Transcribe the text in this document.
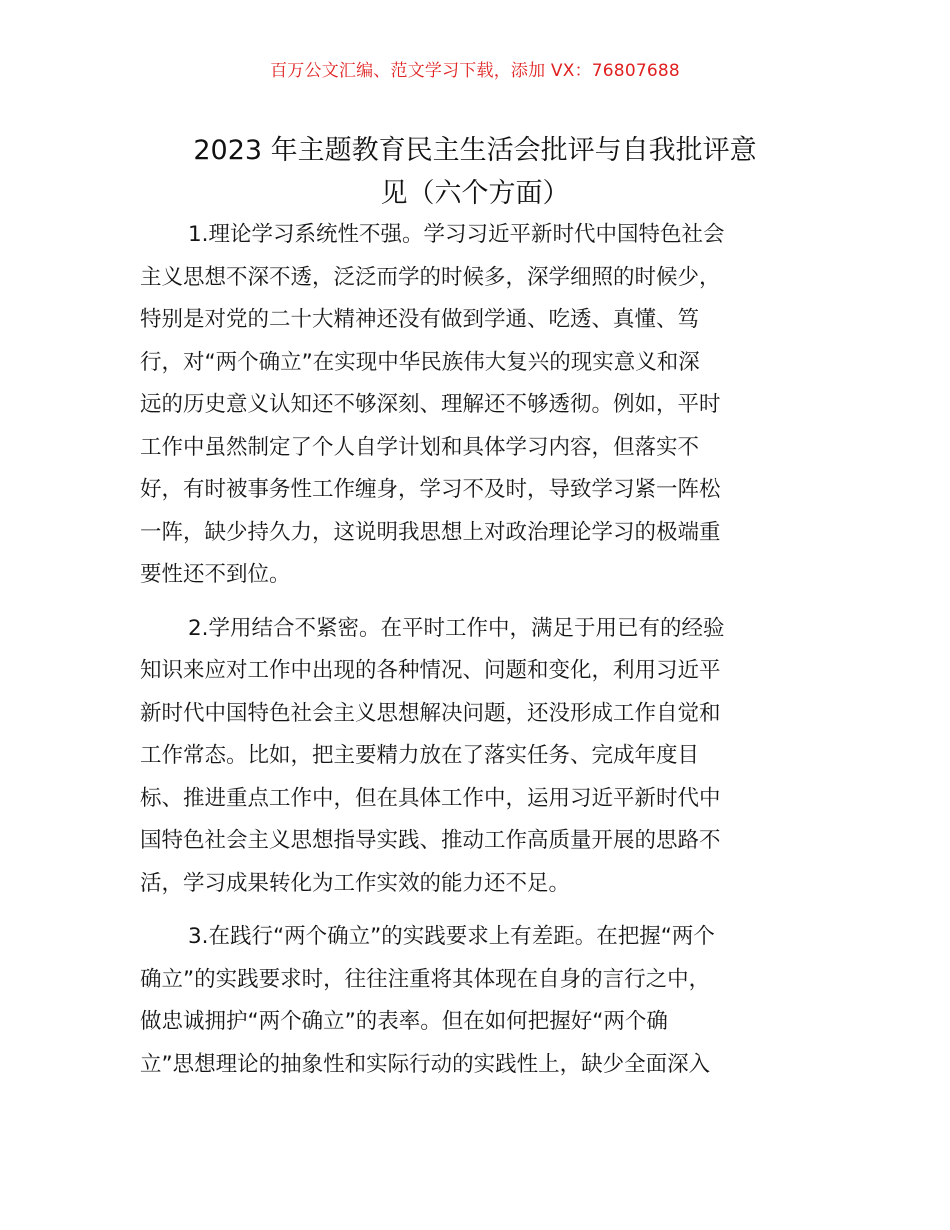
百万公文汇编、范文学习下载，添加 VX：76807688
2023 年主题教育民主生活会批评与自我批评意
见（六个方面）
1.理论学习系统性不强。学习习近平新时代中国特色社会
主义思想不深不透，泛泛而学的时候多，深学细照的时候少，
特别是对党的二十大精神还没有做到学通、吃透、真懂、笃
行，对“两个确立”在实现中华民族伟大复兴的现实意义和深
远的历史意义认知还不够深刻、理解还不够透彻。例如，平时
工作中虽然制定了个人自学计划和具体学习内容，但落实不
好，有时被事务性工作缠身，学习不及时，导致学习紧一阵松
一阵，缺少持久力，这说明我思想上对政治理论学习的极端重
要性还不到位。
2.学用结合不紧密。在平时工作中，满足于用已有的经验
知识来应对工作中出现的各种情况、问题和变化，利用习近平
新时代中国特色社会主义思想解决问题，还没形成工作自觉和
工作常态。比如，把主要精力放在了落实任务、完成年度目
标、推进重点工作中，但在具体工作中，运用习近平新时代中
国特色社会主义思想指导实践、推动工作高质量开展的思路不
活，学习成果转化为工作实效的能力还不足。
3.在践行“两个确立”的实践要求上有差距。在把握“两个
确立”的实践要求时，往往注重将其体现在自身的言行之中，
做忠诚拥护“两个确立”的表率。但在如何把握好“两个确
立”思想理论的抽象性和实际行动的实践性上，缺少全面深入
